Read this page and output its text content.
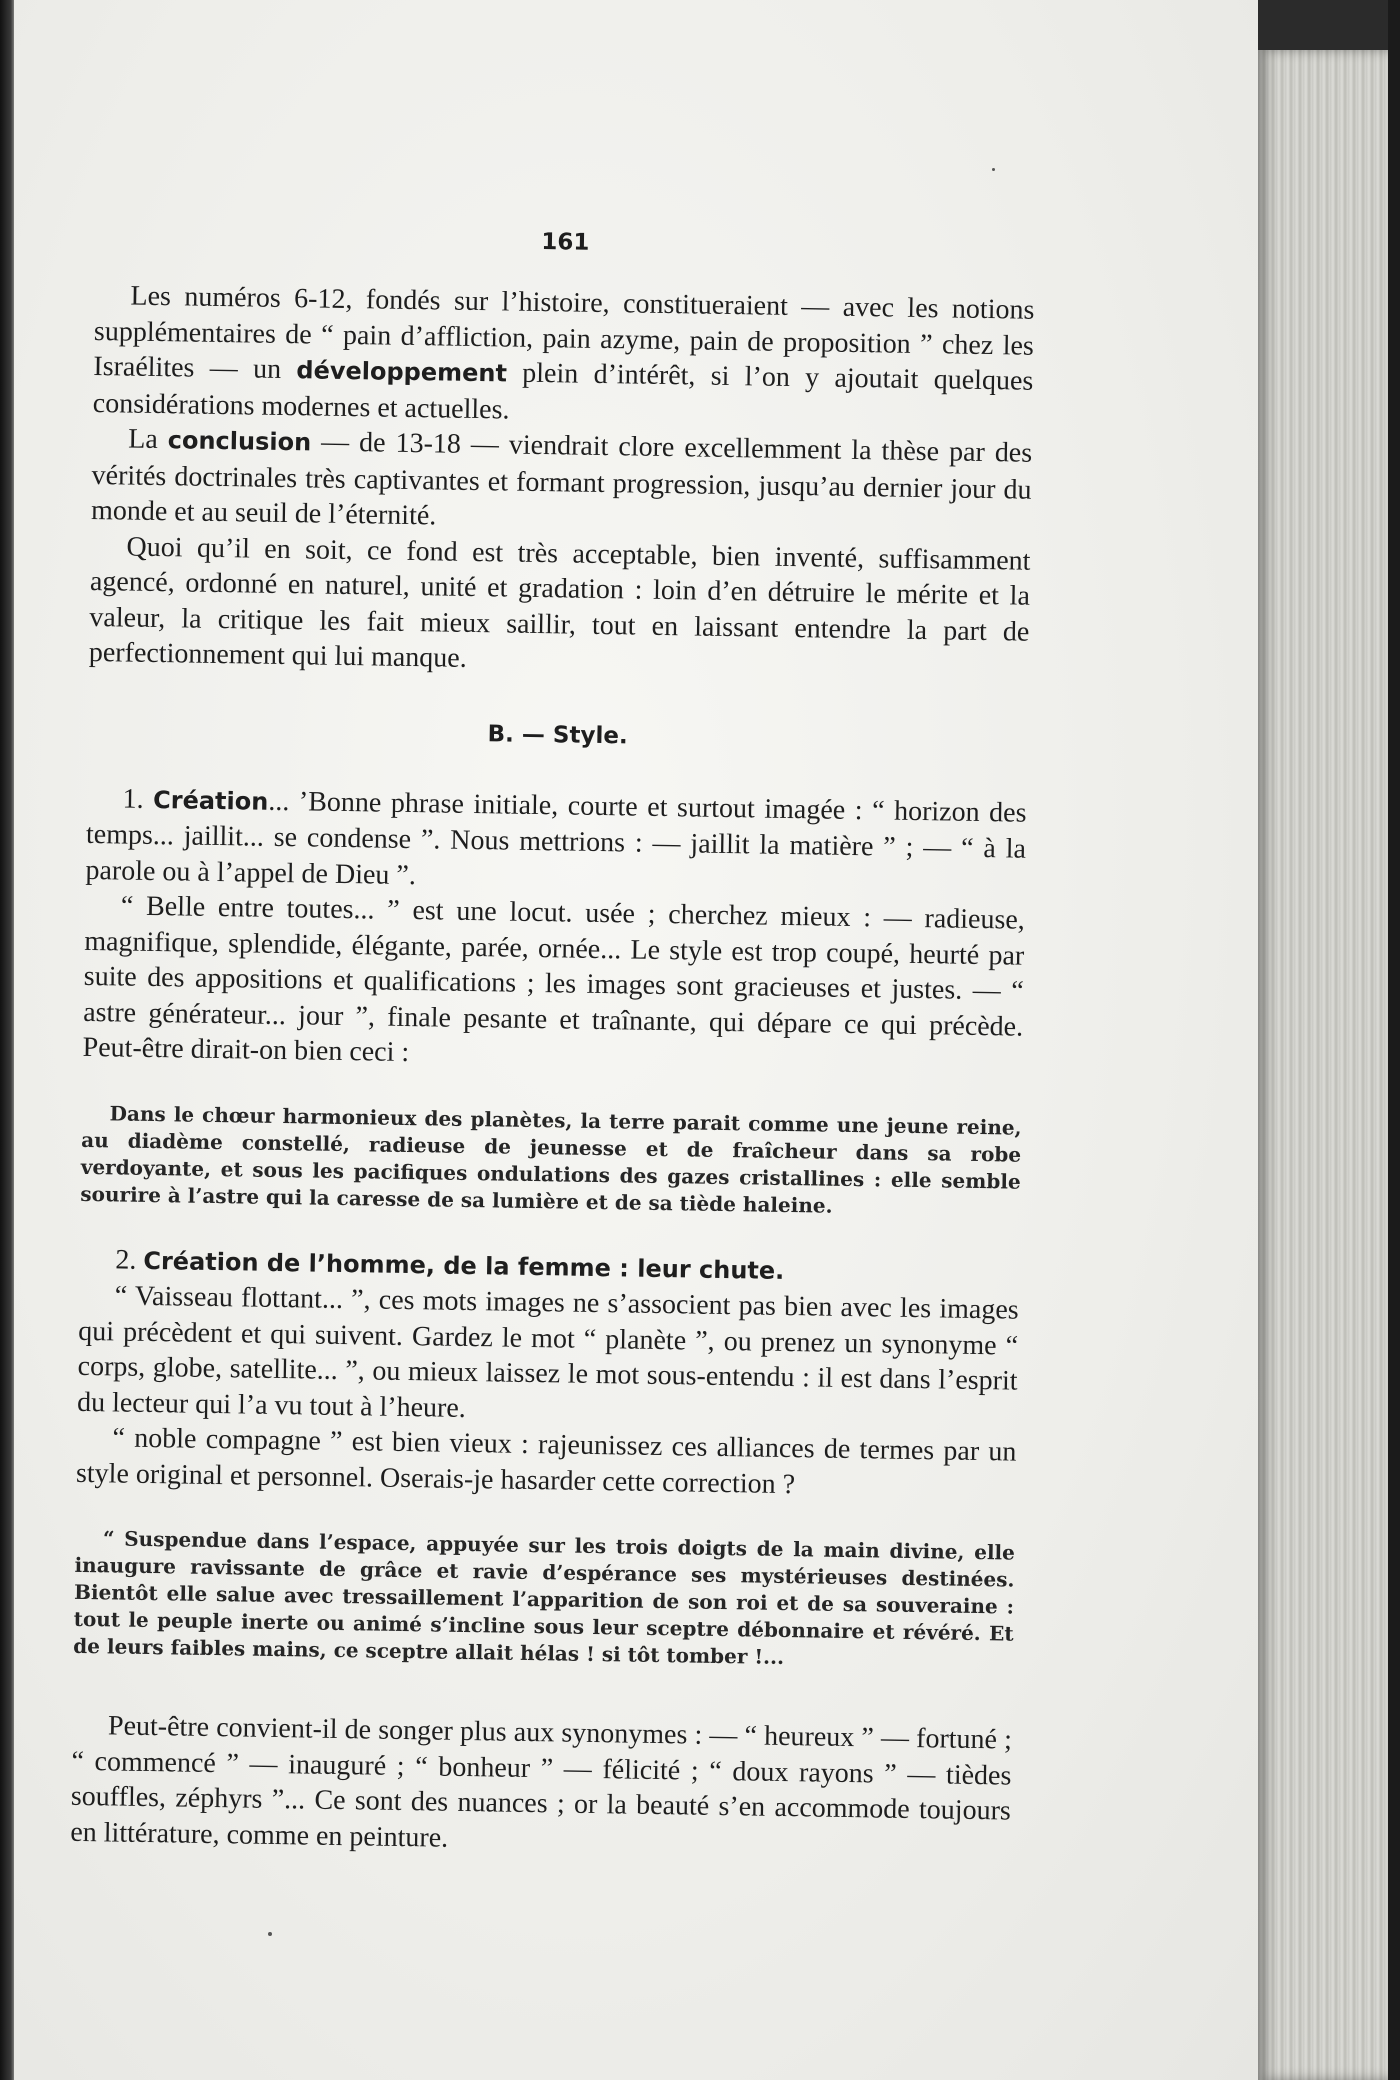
161

Les numéros 6-12, fondés sur l’histoire, constitueraient — avec les notions supplémentaires de “ pain d’affliction, pain azyme, pain de proposition ” chez les Israélites — un développement plein d’intérêt, si l’on y ajoutait quelques considérations modernes et actuelles.

La conclusion — de 13-18 — viendrait clore excellemment la thèse par des vérités doctrinales très captivantes et formant progression, jusqu’au dernier jour du monde et au seuil de l’éternité.

Quoi qu’il en soit, ce fond est très acceptable, bien inventé, suffisamment agencé, ordonné en naturel, unité et gradation : loin d’en détruire le mérite et la valeur, la critique les fait mieux saillir, tout en laissant entendre la part de perfectionnement qui lui manque.

B. — Style.

1. Création... ’Bonne phrase initiale, courte et surtout imagée : “ horizon des temps... jaillit... se condense ”. Nous mettrions : — jaillit la matière ” ; — “ à la parole ou à l’appel de Dieu ”.

“ Belle entre toutes... ” est une locut. usée ; cherchez mieux : — radieuse, magnifique, splendide, élégante, parée, ornée... Le style est trop coupé, heurté par suite des appositions et qualifications ; les images sont gracieuses et justes. — “ astre générateur... jour ”, finale pesante et traînante, qui dépare ce qui précède. Peut-être dirait-on bien ceci :

Dans le chœur harmonieux des planètes, la terre parait comme une jeune reine, au diadème constellé, radieuse de jeunesse et de fraîcheur dans sa robe verdoyante, et sous les pacifiques ondulations des gazes cristallines : elle semble sourire à l’astre qui la caresse de sa lumière et de sa tiède haleine.

2. Création de l’homme, de la femme : leur chute.

“ Vaisseau flottant... ”, ces mots images ne s’associent pas bien avec les images qui précèdent et qui suivent. Gardez le mot “ planète ”, ou prenez un synonyme “ corps, globe, satellite... ”, ou mieux laissez le mot sous-entendu : il est dans l’esprit du lecteur qui l’a vu tout à l’heure.

“ noble compagne ” est bien vieux : rajeunissez ces alliances de termes par un style original et personnel. Oserais-je hasarder cette correction ?

“ Suspendue dans l’espace, appuyée sur les trois doigts de la main divine, elle inaugure ravissante de grâce et ravie d’espérance ses mystérieuses destinées. Bientôt elle salue avec tressaillement l’apparition de son roi et de sa souveraine : tout le peuple inerte ou animé s’incline sous leur sceptre débonnaire et révéré. Et de leurs faibles mains, ce sceptre allait hélas ! si tôt tomber !...

Peut-être convient-il de songer plus aux synonymes : — “ heureux ” — fortuné ; “ commencé ” — inauguré ; “ bonheur ” — félicité ; “ doux rayons ” — tièdes souffles, zéphyrs ”... Ce sont des nuances ; or la beauté s’en accommode toujours en littérature, comme en peinture.
